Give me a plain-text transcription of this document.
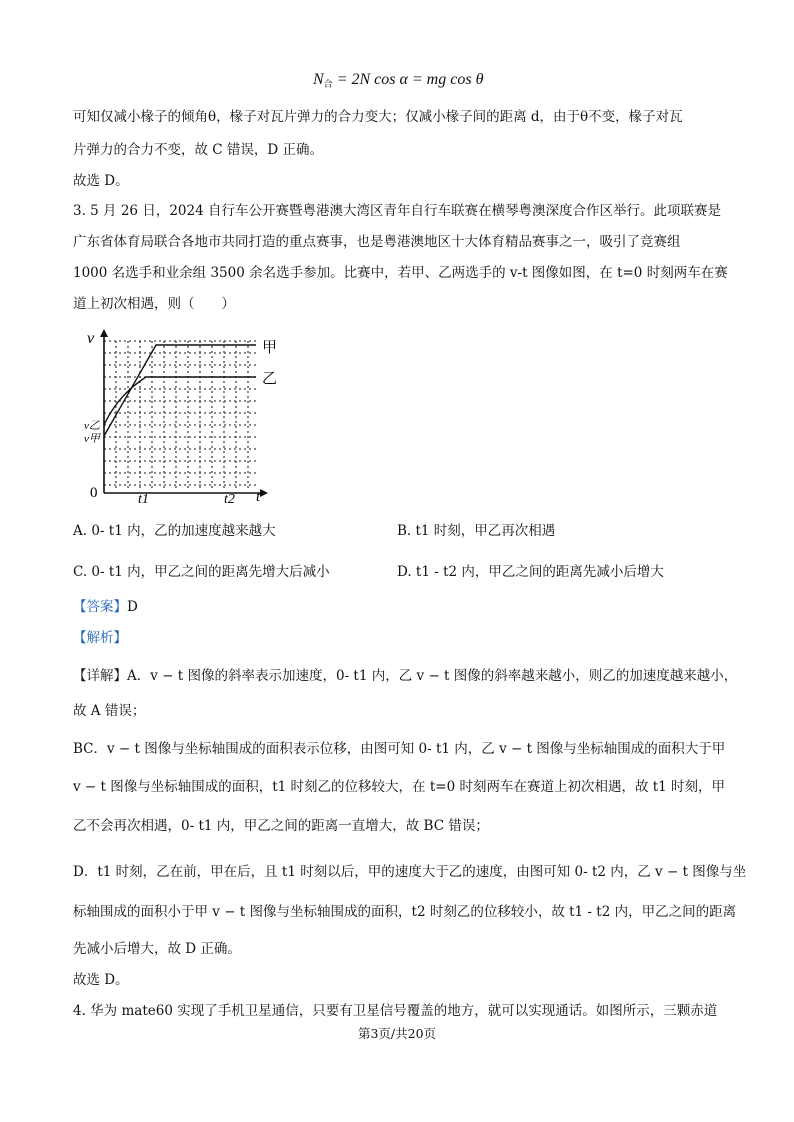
$N_合 = 2N$ cos α = mg cos θ
可知仅减小椽子的倾角θ，椽子对瓦片弹力的合力变大；仅减小椽子间的距离 d，由于θ不变，椽子对瓦
片弹力的合力不变，故 C 错误，D 正确。
故选 D。
3. 5 月 26 日，2024 自行车公开赛暨粤港澳大湾区青年自行车联赛在横琴粤澳深度合作区举行。此项联赛是
广东省体育局联合各地市共同打造的重点赛事，也是粤港澳地区十大体育精品赛事之一，吸引了竞赛组
1000 名选手和业余组 3500 余名选手参加。比赛中，若甲、乙两选手的 v-t 图像如图，在 t=0 时刻两车在赛
道上初次相遇，则（　　）
v
v乙
v甲
0	t1	t2 t
甲
乙
A. 0- t1 内，乙的加速度越来越大	B. t1 时刻，甲乙再次相遇
C. 0- t1 内，甲乙之间的距离先增大后减小	D. t1 - t2 内，甲乙之间的距离先减小后增大
【答案】D
【解析】
【详解】A．v − t 图像的斜率表示加速度，0- t1 内，乙 v − t 图像的斜率越来越小，则乙的加速度越来越小，
故 A 错误；
BC．v − t 图像与坐标轴围成的面积表示位移，由图可知 0- t1 内，乙 v − t 图像与坐标轴围成的面积大于甲
v − t 图像与坐标轴围成的面积，t1 时刻乙的位移较大，在 t=0 时刻两车在赛道上初次相遇，故 t1 时刻，甲
乙不会再次相遇，0- t1 内，甲乙之间的距离一直增大，故 BC 错误；
D．t1 时刻，乙在前，甲在后，且 t1 时刻以后，甲的速度大于乙的速度，由图可知 0- t2 内，乙 v − t 图像与坐
标轴围成的面积小于甲 v − t 图像与坐标轴围成的面积，t2 时刻乙的位移较小，故 t1 - t2 内，甲乙之间的距离
先减小后增大，故 D 正确。
故选 D。
4. 华为 mate60 实现了手机卫星通信，只要有卫星信号覆盖的地方，就可以实现通话。如图所示，三颗赤道
第3页/共20页
